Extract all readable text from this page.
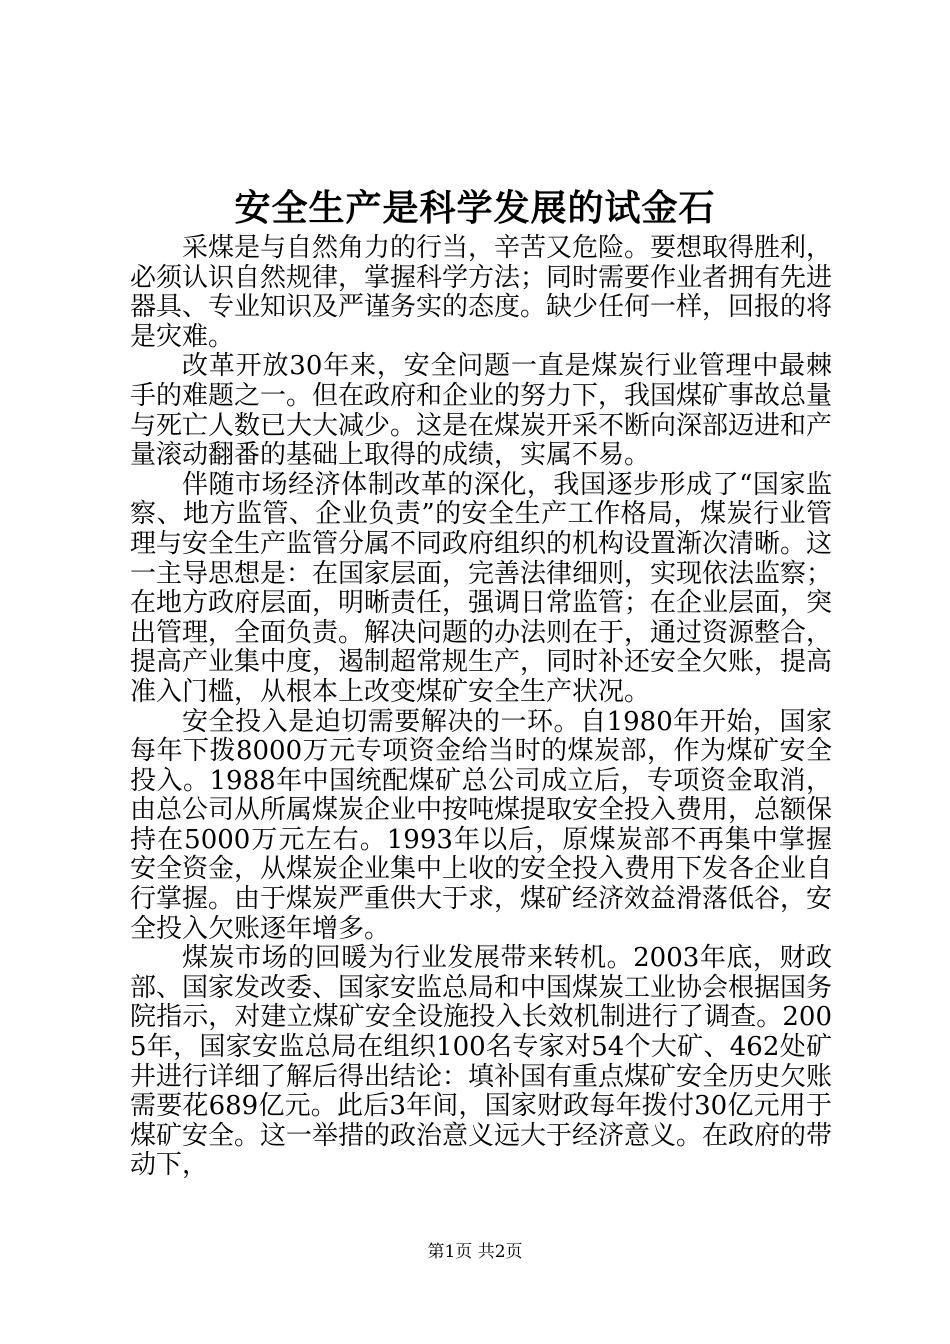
安全生产是科学发展的试金石

采煤是与自然角力的行当，辛苦又危险。要想取得胜利，必须认识自然规律，掌握科学方法；同时需要作业者拥有先进器具、专业知识及严谨务实的态度。缺少任何一样，回报的将是灾难。

改革开放30年来，安全问题一直是煤炭行业管理中最棘手的难题之一。但在政府和企业的努力下，我国煤矿事故总量与死亡人数已大大减少。这是在煤炭开采不断向深部迈进和产量滚动翻番的基础上取得的成绩，实属不易。

伴随市场经济体制改革的深化，我国逐步形成了“国家监察、地方监管、企业负责”的安全生产工作格局，煤炭行业管理与安全生产监管分属不同政府组织的机构设置渐次清晰。这一主导思想是：在国家层面，完善法律细则，实现依法监察；在地方政府层面，明晰责任，强调日常监管；在企业层面，突出管理，全面负责。解决问题的办法则在于，通过资源整合，提高产业集中度，遏制超常规生产，同时补还安全欠账，提高准入门槛，从根本上改变煤矿安全生产状况。

安全投入是迫切需要解决的一环。自1980年开始，国家每年下拨8000万元专项资金给当时的煤炭部，作为煤矿安全投入。1988年中国统配煤矿总公司成立后，专项资金取消，由总公司从所属煤炭企业中按吨煤提取安全投入费用，总额保持在5000万元左右。1993年以后，原煤炭部不再集中掌握安全资金，从煤炭企业集中上收的安全投入费用下发各企业自行掌握。由于煤炭严重供大于求，煤矿经济效益滑落低谷，安全投入欠账逐年增多。

煤炭市场的回暖为行业发展带来转机。2003年底，财政部、国家发改委、国家安监总局和中国煤炭工业协会根据国务院指示，对建立煤矿安全设施投入长效机制进行了调查。2005年，国家安监总局在组织100名专家对54个大矿、462处矿井进行详细了解后得出结论：填补国有重点煤矿安全历史欠账需要花689亿元。此后3年间，国家财政每年拨付30亿元用于煤矿安全。这一举措的政治意义远大于经济意义。在政府的带动下，

第1页 共2页
